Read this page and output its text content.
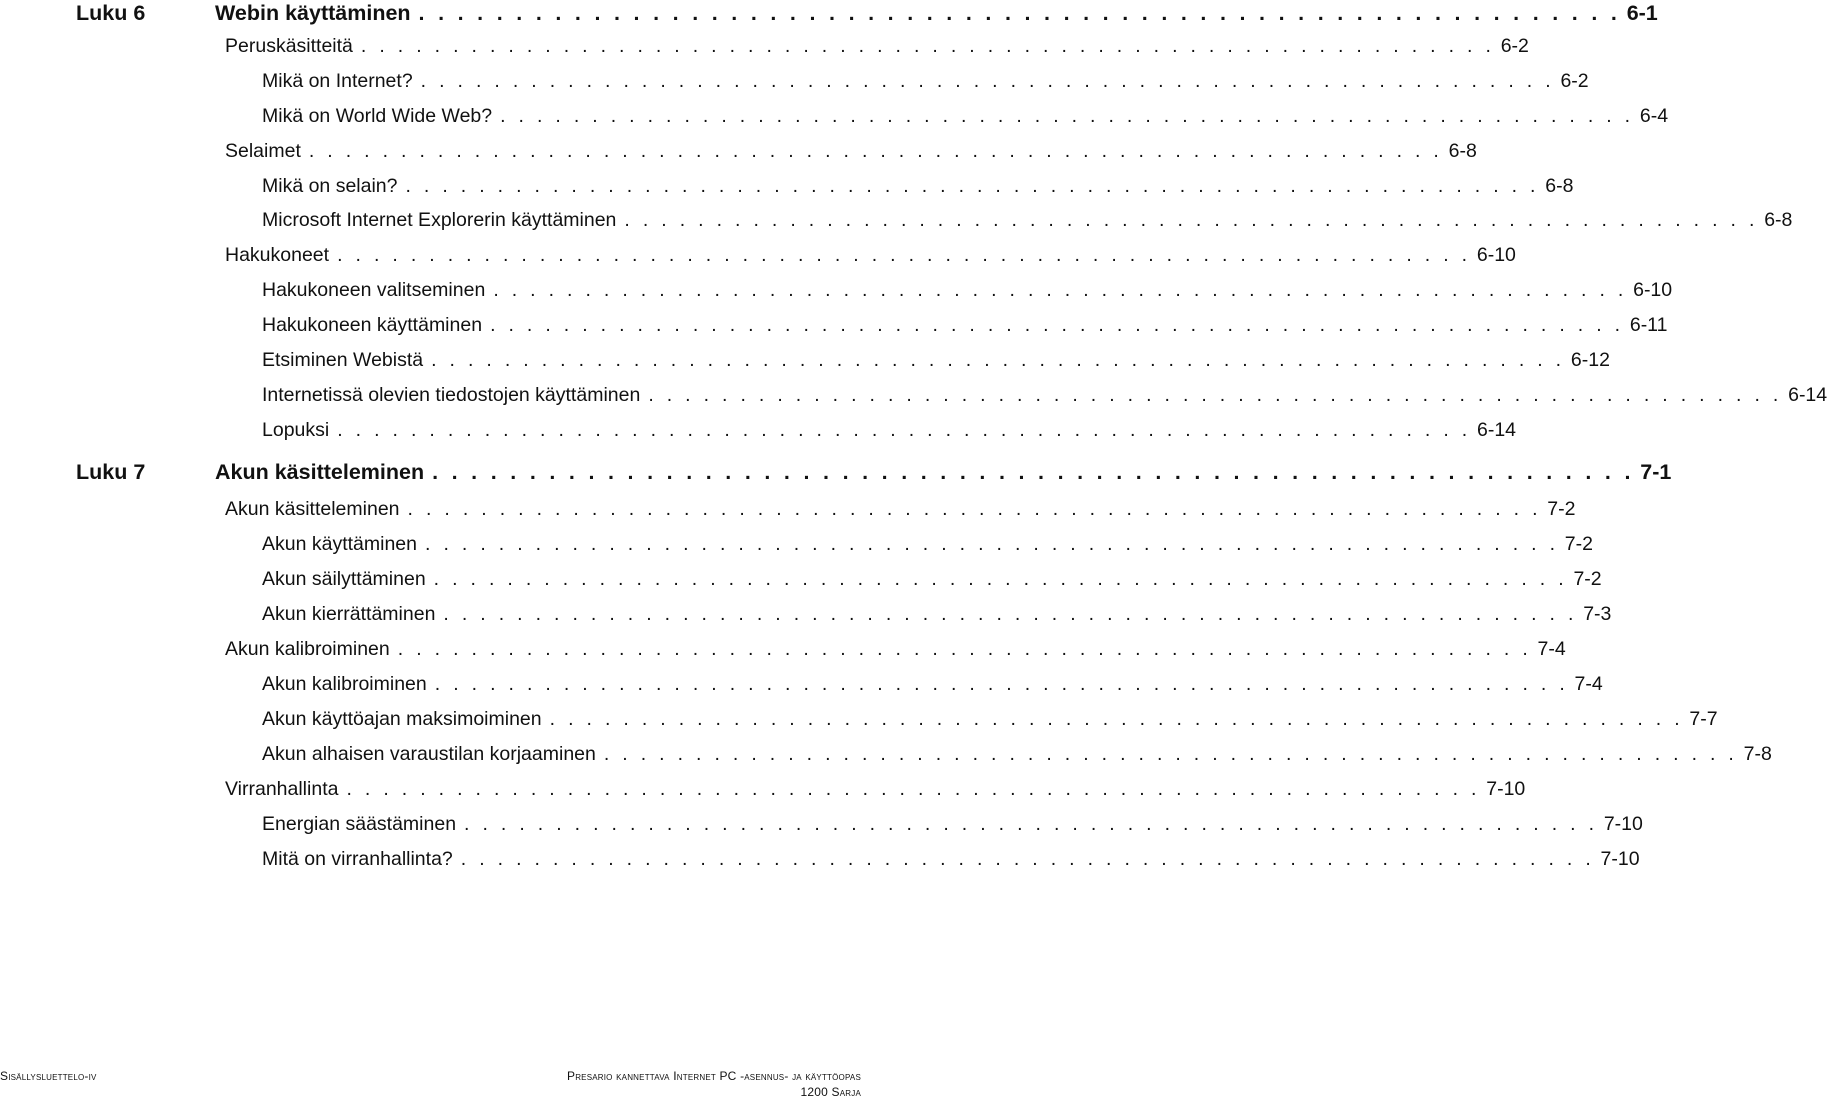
Luku 6	Webin käyttäminen . . . . . . . . . . . . . . . . . . . . . . . . . . . . . . . . . . . . . . . . . . . . . . . . . . . . . . . . . . . . . . 6-1
Peruskäsitteitä . . . . . . . . . . . . . . . . . . . . . . . . . . . . . . . . . . . . . . . . . . . . . . . . . . . . . . . . . . . . . . 6-2
Mikä on Internet? . . . . . . . . . . . . . . . . . . . . . . . . . . . . . . . . . . . . . . . . . . . . . . . . . . . . . . . . . . . . . . 6-2
Mikä on World Wide Web? . . . . . . . . . . . . . . . . . . . . . . . . . . . . . . . . . . . . . . . . . . . . . . . . . . . . . . . . . . . . . . 6-4
Selaimet . . . . . . . . . . . . . . . . . . . . . . . . . . . . . . . . . . . . . . . . . . . . . . . . . . . . . . . . . . . . . . 6-8
Mikä on selain? . . . . . . . . . . . . . . . . . . . . . . . . . . . . . . . . . . . . . . . . . . . . . . . . . . . . . . . . . . . . . . 6-8
Microsoft Internet Explorerin käyttäminen . . . . . . . . . . . . . . . . . . . . . . . . . . . . . . . . . . . . . . . . . . . . . . . . . . . . . . . . . . . . . . 6-8
Hakukoneet . . . . . . . . . . . . . . . . . . . . . . . . . . . . . . . . . . . . . . . . . . . . . . . . . . . . . . . . . . . . . . 6-10
Hakukoneen valitseminen . . . . . . . . . . . . . . . . . . . . . . . . . . . . . . . . . . . . . . . . . . . . . . . . . . . . . . . . . . . . . . 6-10
Hakukoneen käyttäminen . . . . . . . . . . . . . . . . . . . . . . . . . . . . . . . . . . . . . . . . . . . . . . . . . . . . . . . . . . . . . . 6-11
Etsiminen Webistä . . . . . . . . . . . . . . . . . . . . . . . . . . . . . . . . . . . . . . . . . . . . . . . . . . . . . . . . . . . . . . 6-12
Internetissä olevien tiedostojen käyttäminen . . . . . . . . . . . . . . . . . . . . . . . . . . . . . . . . . . . . . . . . . . . . . . . . . . . . . . . . . . . . . . 6-14
Lopuksi . . . . . . . . . . . . . . . . . . . . . . . . . . . . . . . . . . . . . . . . . . . . . . . . . . . . . . . . . . . . . . 6-14
Luku 7	Akun käsitteleminen . . . . . . . . . . . . . . . . . . . . . . . . . . . . . . . . . . . . . . . . . . . . . . . . . . . . . . . . . . . . . . 7-1
Akun käsitteleminen . . . . . . . . . . . . . . . . . . . . . . . . . . . . . . . . . . . . . . . . . . . . . . . . . . . . . . . . . . . . . . 7-2
Akun käyttäminen . . . . . . . . . . . . . . . . . . . . . . . . . . . . . . . . . . . . . . . . . . . . . . . . . . . . . . . . . . . . . . 7-2
Akun säilyttäminen . . . . . . . . . . . . . . . . . . . . . . . . . . . . . . . . . . . . . . . . . . . . . . . . . . . . . . . . . . . . . . 7-2
Akun kierrättäminen . . . . . . . . . . . . . . . . . . . . . . . . . . . . . . . . . . . . . . . . . . . . . . . . . . . . . . . . . . . . . . 7-3
Akun kalibroiminen . . . . . . . . . . . . . . . . . . . . . . . . . . . . . . . . . . . . . . . . . . . . . . . . . . . . . . . . . . . . . . 7-4
Akun kalibroiminen . . . . . . . . . . . . . . . . . . . . . . . . . . . . . . . . . . . . . . . . . . . . . . . . . . . . . . . . . . . . . . 7-4
Akun käyttöajan maksimoiminen . . . . . . . . . . . . . . . . . . . . . . . . . . . . . . . . . . . . . . . . . . . . . . . . . . . . . . . . . . . . . . 7-7
Akun alhaisen varaustilan korjaaminen . . . . . . . . . . . . . . . . . . . . . . . . . . . . . . . . . . . . . . . . . . . . . . . . . . . . . . . . . . . . . . 7-8
Virranhallinta . . . . . . . . . . . . . . . . . . . . . . . . . . . . . . . . . . . . . . . . . . . . . . . . . . . . . . . . . . . . . . 7-10
Energian säästäminen . . . . . . . . . . . . . . . . . . . . . . . . . . . . . . . . . . . . . . . . . . . . . . . . . . . . . . . . . . . . . . 7-10
Mitä on virranhallinta? . . . . . . . . . . . . . . . . . . . . . . . . . . . . . . . . . . . . . . . . . . . . . . . . . . . . . . . . . . . . . . 7-10
Sisällysluettelo-iv	Presario kannettava Internet PC -asennus- ja käyttöopas
1200 Sarja
